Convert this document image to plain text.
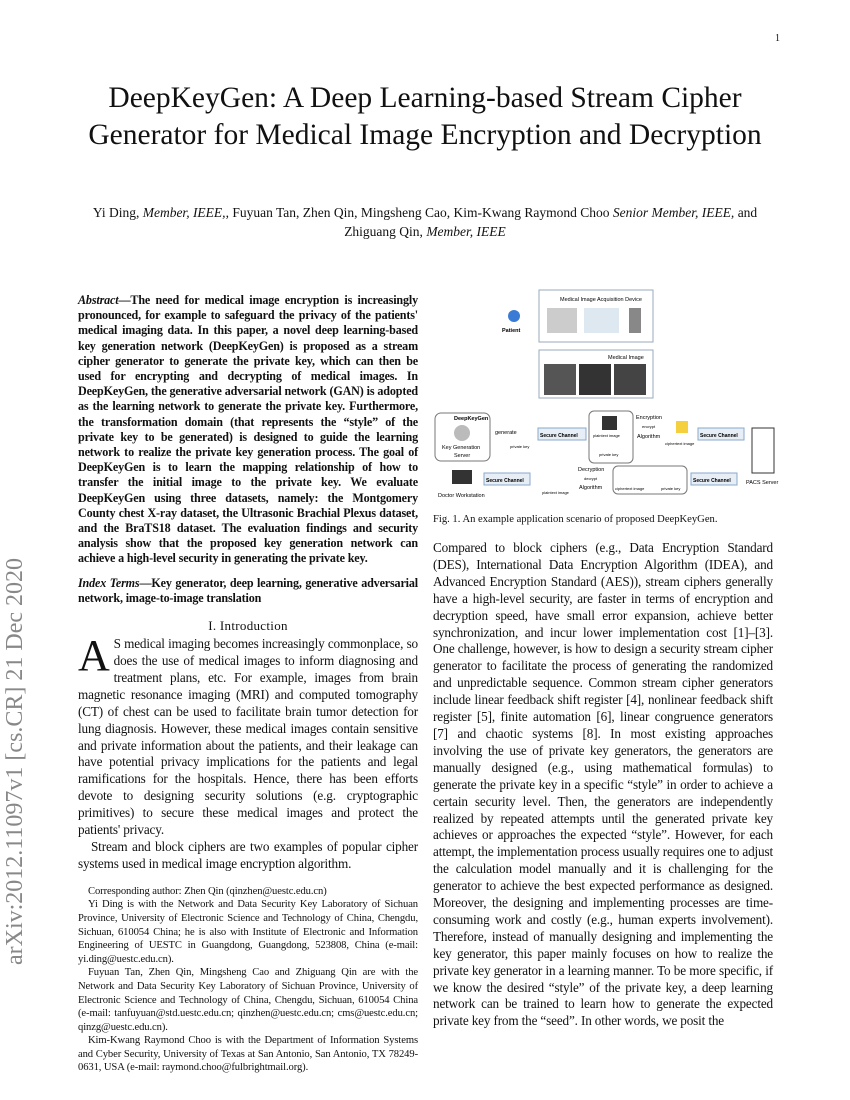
1
DeepKeyGen: A Deep Learning-based Stream Cipher Generator for Medical Image Encryption and Decryption
Yi Ding, Member, IEEE,, Fuyuan Tan, Zhen Qin, Mingsheng Cao, Kim-Kwang Raymond Choo Senior Member, IEEE, and Zhiguang Qin, Member, IEEE
arXiv:2012.11097v1 [cs.CR] 21 Dec 2020

Abstract—The need for medical image encryption is increasingly pronounced, for example to safeguard the privacy of the patients' medical imaging data. In this paper, a novel deep learning-based key generation network (DeepKeyGen) is proposed as a stream cipher generator to generate the private key, which can then be used for encrypting and decrypting of medical images. In DeepKeyGen, the generative adversarial network (GAN) is adopted as the learning network to generate the private key. Furthermore, the transformation domain (that represents the “style” of the private key to be generated) is designed to guide the learning network to realize the private key generation process. The goal of DeepKeyGen is to learn the mapping relationship of how to transfer the initial image to the private key. We evaluate DeepKeyGen using three datasets, namely: the Montgomery County chest X-ray dataset, the Ultrasonic Brachial Plexus dataset, and the BraTS18 dataset. The evaluation findings and security analysis show that the proposed key generation network can achieve a high-level security in generating the private key.

Index Terms—Key generator, deep learning, generative adversarial network, image-to-image translation

I. Introduction

A S medical imaging becomes increasingly commonplace, so does the use of medical images to inform diagnosing and treatment plans, etc. For example, images from brain magnetic resonance imaging (MRI) and computed tomography (CT) of chest can be used to facilitate brain tumor detection for lung diagnosis. However, these medical images contain sensitive and private information about the patients, and their leakage can have potential privacy implications for the patients and legal ramifications for the hospitals. Hence, there has been efforts devote to designing security solutions (e.g. cryptographic primitives) to secure these medical images and protect the patients' privacy.

Stream and block ciphers are two examples of popular cipher systems used in medical image encryption algorithm.

Corresponding author: Zhen Qin (qinzhen@uestc.edu.cn)

Yi Ding is with the Network and Data Security Key Laboratory of Sichuan Province, University of Electronic Science and Technology of China, Chengdu, Sichuan, 610054 China; he is also with Institute of Electronic and Information Engineering of UESTC in Guangdong, Guangdong, 523808, China (e-mail: yi.ding@uestc.edu.cn).

Fuyuan Tan, Zhen Qin, Mingsheng Cao and Zhiguang Qin are with the Network and Data Security Key Laboratory of Sichuan Province, University of Electronic Science and Technology of China, Chengdu, Sichuan, 610054 China (e-mail: tanfuyuan@std.uestc.edu.cn; qinzhen@uestc.edu.cn; cms@uestc.edu.cn; qinzg@uestc.edu.cn).

Kim-Kwang Raymond Choo is with the Department of Information Systems and Cyber Security, University of Texas at San Antonio, San Antonio, TX 78249-0631, USA (e-mail: raymond.choo@fulbrightmail.org).

Medical Image Acquisition Device
Patient
Medical Image
DeepKeyGen
Key Generation
Server
generate
private key
Secure Channel	plaintext image
private key
Encryption
encrypt
Algorithm
ciphertext image
Secure Channel
PACS Server
Secure Channel
ciphertext image	private key
Decryption
decrypt
Algorithm
plaintext image
Secure Channel
Doctor Workstation
Fig. 1. An example application scenario of proposed DeepKeyGen.

Compared to block ciphers (e.g., Data Encryption Standard (DES), International Data Encryption Algorithm (IDEA), and Advanced Encryption Standard (AES)), stream ciphers generally have a high-level security, are faster in terms of encryption and decryption speed, have small error expansion, achieve better synchronization, and incur lower implementation cost [1]–[3]. One challenge, however, is how to design a security stream cipher generator to facilitate the process of generating the randomized and unpredictable sequence. Common stream cipher generators include linear feedback shift register [4], nonlinear feedback shift register [5], finite automation [6], linear congruence generators [7] and chaotic systems [8]. In most existing approaches involving the use of private key generators, the generators are manually designed (e.g., using mathematical formulas) to generate the private key in a specific “style” in order to achieve a certain security level. Then, the generators are independently realized by repeated attempts until the generated private key achieves or approaches the expected “style”. However, for each attempt, the implementation process usually requires one to adjust the calculation model manually and it is challenging for the generator to achieve the best expected performance as designed. Moreover, the designing and implementing processes are time-consuming work and costly (e.g., human experts involvement). Therefore, instead of manually designing and implementing the key generator, this paper mainly focuses on how to realize the private key generator in a learning manner. To be more specific, if we know the desired “style” of the private key, a deep learning network can be trained to learn how to generate the expected private key from the “seed”. In other words, we posit the
